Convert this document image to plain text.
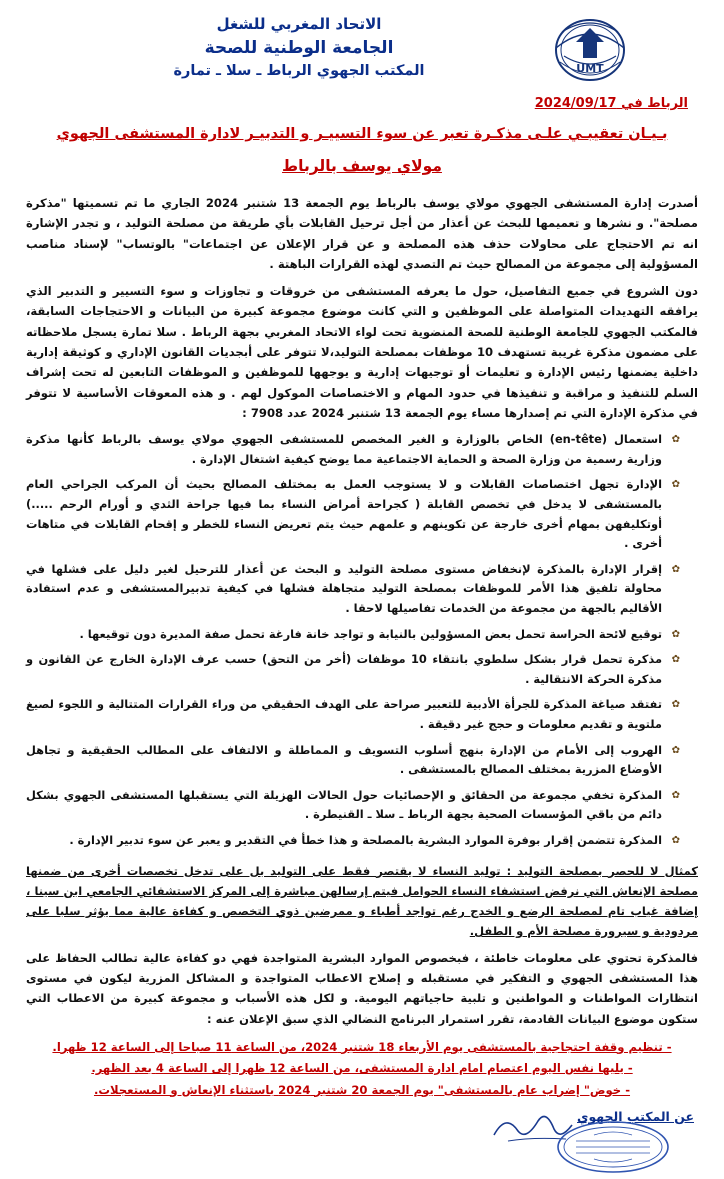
UMT
الاتحاد المغربي للشغل
الجامعة الوطنية للصحة
المكتب الجهوي الرباط ـ سلا ـ تمارة
الرباط في 2024/09/17
بـيـان تعقيبـي علـى مذكـرة تعبر عن سوء التسييـر و التدبيـر لادارة المستشفى الجهوي
مولاي يوسف بالرباط
أصدرت إدارة المستشفى الجهوي مولاي يوسف بالرباط يوم الجمعة 13 شتنبر 2024 الجاري ما تم تسميتها "مذكرة مصلحة". و نشرها و تعميمها للبحث عن أعذار من أجل ترحيل القابلات بأي طريقة من مصلحة التوليد ، و تجدر الإشارة انه تم الاحتجاج على محاولات حذف هذه المصلحة و عن قرار الإعلان عن اجتماعات" بالوتساب" لإسناد مناصب المسؤولية إلى مجموعة من المصالح حيث تم التصدي لهذه القرارات الباهتة .
دون الشروع في جميع التفاصيل، حول ما يعرفه المستشفى من خروقات و تجاوزات و سوء التسيير و التدبير الذي يرافقه التهديدات المتواصلة على الموظفين و التي كانت موضوع مجموعة كبيرة من البيانات و الاحتجاجات السابقة، فالمكتب الجهوي للجامعة الوطنية للصحة المنضوية تحت لواء الاتحاد المغربي بجهة الرباط . سلا تمارة يسجل ملاحظاته على مضمون مذكرة غريبة تستهدف 10 موظفات بمصلحة التوليد،لا تتوفر على أبجديات القانون الإداري و كوثيقة إدارية داخلية يضمنها رئيس الإدارة و تعليمات أو توجيهات إدارية و يوجهها للموظفين و الموظفات التابعين له تحت إشراف السلم للتنفيذ و مراقبة و تنفيذها في حدود المهام و الاختصاصات الموكول لهم . و هذه المعوقات الأساسية لا تتوفر في مذكرة الإدارة التي تم إصدارها مساء يوم الجمعة 13 شتنبر 2024 عدد 7908 :
✿ استعمال (en-tête) الخاص بالوزارة و الغير المخصص للمستشفى الجهوي مولاي يوسف بالرباط كأنها مذكرة وزارية رسمية من وزارة الصحة و الحماية الاجتماعية مما يوضح كيفية اشتغال الإدارة .
✿ الإدارة تجهل اختصاصات القابلات و لا يستوجب العمل به بمختلف المصالح بحيث أن المركب الجراحي العام بالمستشفى لا يدخل في تخصص القابلة ( كجراحة أمراض النساء بما فيها جراحة الثدي و أورام الرحم .....) أوتكليفهن بمهام أخرى خارجة عن تكوينهم و علمهم حيث يتم تعريض النساء للخطر و إقحام القابلات في متاهات أخرى .
✿ إقرار الإدارة بالمذكرة لإنخفاض مستوى مصلحة التوليد و البحث عن أعذار للترحيل لغير دليل على فشلها في محاولة تلفيق هذا الأمر للموظفات بمصلحة التوليد متجاهلة فشلها في كيفية تدبيرالمستشفى و عدم استفادة الأقاليم بالجهة من مجموعة من الخدمات تفاصيلها لاحقا .
✿ توقيع لائحة الحراسة تحمل بعض المسؤولين بالنيابة و تواجد خانة فارغة تحمل صفة المديرة دون توقيعها .
✿ مذكرة تحمل قرار بشكل سلطوي بانتقاء 10 موظفات (أخر من التحق) حسب عرف الإدارة الخارج عن القانون و مذكرة الحركة الانتقالية .
✿ تفتقد صياغة المذكرة للجرأة الأدبية للتعبير صراحة على الهدف الحقيقي من وراء القرارات المتتالية و اللجوء لصيغ ملتوية و تقديم معلومات و حجج غير دقيقة .
✿ الهروب إلى الأمام من الإدارة بنهج أسلوب التسويف و المماطلة و الالتفاف على المطالب الحقيقية و تجاهل الأوضاع المزرية بمختلف المصالح بالمستشفى .
✿ المذكرة تخفي مجموعة من الحقائق و الإحصائيات حول الحالات الهزيلة التي يستقبلها المستشفى الجهوي بشكل دائم من باقي المؤسسات الصحية بجهة الرباط ـ سلا ـ القنيطرة .
✿ المذكرة تتضمن إقرار بوفرة الموارد البشرية بالمصلحة و هذا خطأ في التقدير و يعبر عن سوء تدبير الإدارة .
كمثال لا للحصر بمصلحة التوليد : توليد النساء لا يقتصر فقط على التوليد بل على تدخل تخصصات أخرى من ضمنها مصلحة الإنعاش التي نرفض استشفاء النساء الحوامل فيتم إرسالهن مباشرة إلى المركز الاستشفائي الجامعي ابن سينا ، إضافة غياب تام لمصلحة الرضع و الخدج رغم تواجد أطباء و ممرضين ذوي التخصص و كفاءة عالية مما يؤثر سلبا على مردودية و سيرورة مصلحة الأم و الطفل.
فالمذكرة تحتوي على معلومات خاطئة ، فبخصوص الموارد البشرية المتواجدة فهي دو كفاءة عالية تطالب الحفاظ على هذا المستشفى الجهوي و التفكير في مستقبله و إصلاح الاعطاب المتواجدة و المشاكل المزرية ليكون في مستوى انتظارات المواطنات و المواطنين و تلبية حاجياتهم اليومية. و لكل هذه الأسباب و مجموعة كبيرة من الاعطاب التي ستكون موضوع البيانات القادمة، تقرر استمرار البرنامج النضالي الذي سبق الإعلان عنه :
- تنظيم وقفة احتجاجية بالمستشفى يوم الأربعاء 18 شتنبر 2024، من الساعة 11 صباحا إلى الساعة 12 ظهرا.
- يليها نفس اليوم اعتصام امام ادارة المستشفى، من الساعة 12 ظهرا إلى الساعة 4 بعد الظهر.
- خوض" إضراب عام بالمستشفى" يوم الجمعة 20 شتنبر 2024 باستثناء الإنعاش و المستعجلات.
عن المكتب الجهوي
